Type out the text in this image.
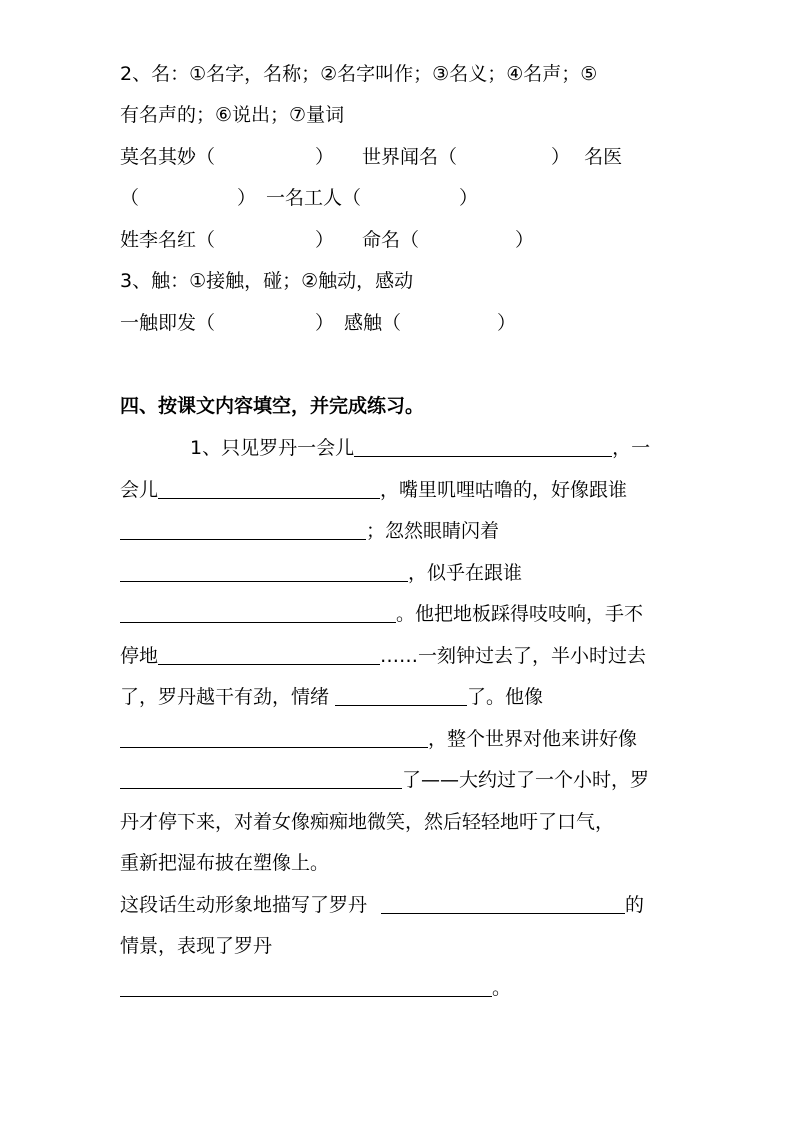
2、名：①名字，名称；②名字叫作；③名义；④名声；⑤
有名声的；⑥说出；⑦量词
莫名其妙（	） 世界闻名（	） 名医
（	） 一名工人（	）
姓李名红（	） 命名（	）
3、触：①接触，碰；②触动，感动
一触即发（	） 感触（	）
四、按课文内容填空，并完成练习。
1、只见罗丹一会儿	，一
会儿	，嘴里叽哩咕噜的，好像跟谁
；忽然眼睛闪着
，似乎在跟谁
。他把地板踩得吱吱响，手不
停地	……一刻钟过去了，半小时过去
了，罗丹越干有劲，情绪	了。他像
，整个世界对他来讲好像
了——大约过了一个小时，罗
丹才停下来，对着女像痴痴地微笑，然后轻轻地吁了口气，
重新把湿布披在塑像上。
这段话生动形象地描写了罗丹	的
情景，表现了罗丹
。
